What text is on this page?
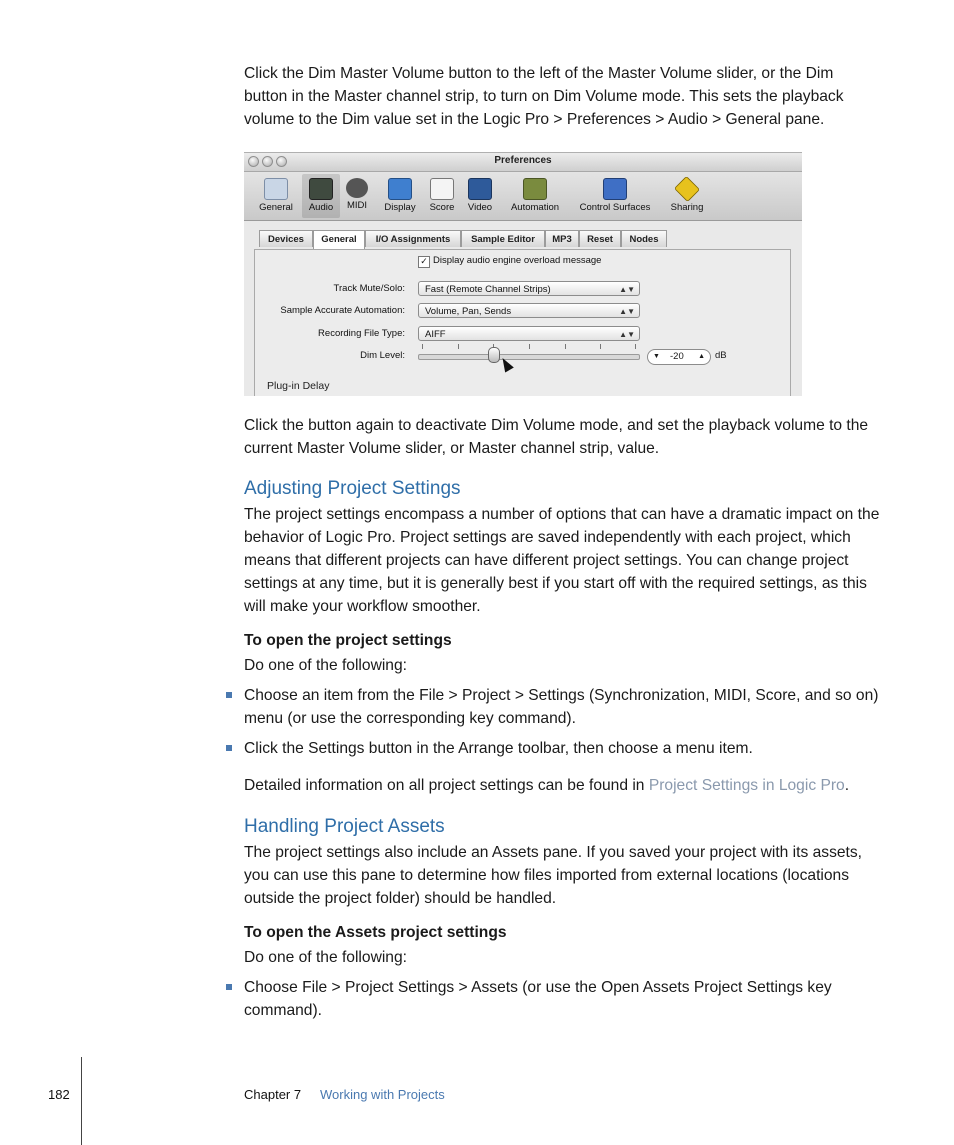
Click the Dim Master Volume button to the left of the Master Volume slider, or the Dim button in the Master channel strip, to turn on Dim Volume mode. This sets the playback volume to the Dim value set in the Logic Pro > Preferences > Audio > General pane.

Preferences
General	Audio	MIDI	Display	Score	Video	Automation	Control Surfaces	Sharing
Devices	General	I/O Assignments	Sample Editor	MP3	Reset	Nodes
✓ Display audio engine overload message
Track Mute/Solo:	Fast (Remote Channel Strips)	▲▼
Sample Accurate Automation:	Volume, Pan, Sends	▲▼
Recording File Type:	AIFF	▲▼
Dim Level:	▼ -20 ▲ dB
Plug-in Delay

Click the button again to deactivate Dim Volume mode, and set the playback volume to the current Master Volume slider, or Master channel strip, value.

Adjusting Project Settings

The project settings encompass a number of options that can have a dramatic impact on the behavior of Logic Pro. Project settings are saved independently with each project, which means that different projects can have different project settings. You can change project settings at any time, but it is generally best if you start off with the required settings, as this will make your workflow smoother.

To open the project settings

Do one of the following:

Choose an item from the File > Project > Settings (Synchronization, MIDI, Score, and so on) menu (or use the corresponding key command).

Click the Settings button in the Arrange toolbar, then choose a menu item.

Detailed information on all project settings can be found in Project Settings in Logic Pro.

Handling Project Assets

The project settings also include an Assets pane. If you saved your project with its assets, you can use this pane to determine how files imported from external locations (locations outside the project folder) should be handled.

To open the Assets project settings

Do one of the following:

Choose File > Project Settings > Assets (or use the Open Assets Project Settings key command).

182	Chapter 7 Working with Projects
